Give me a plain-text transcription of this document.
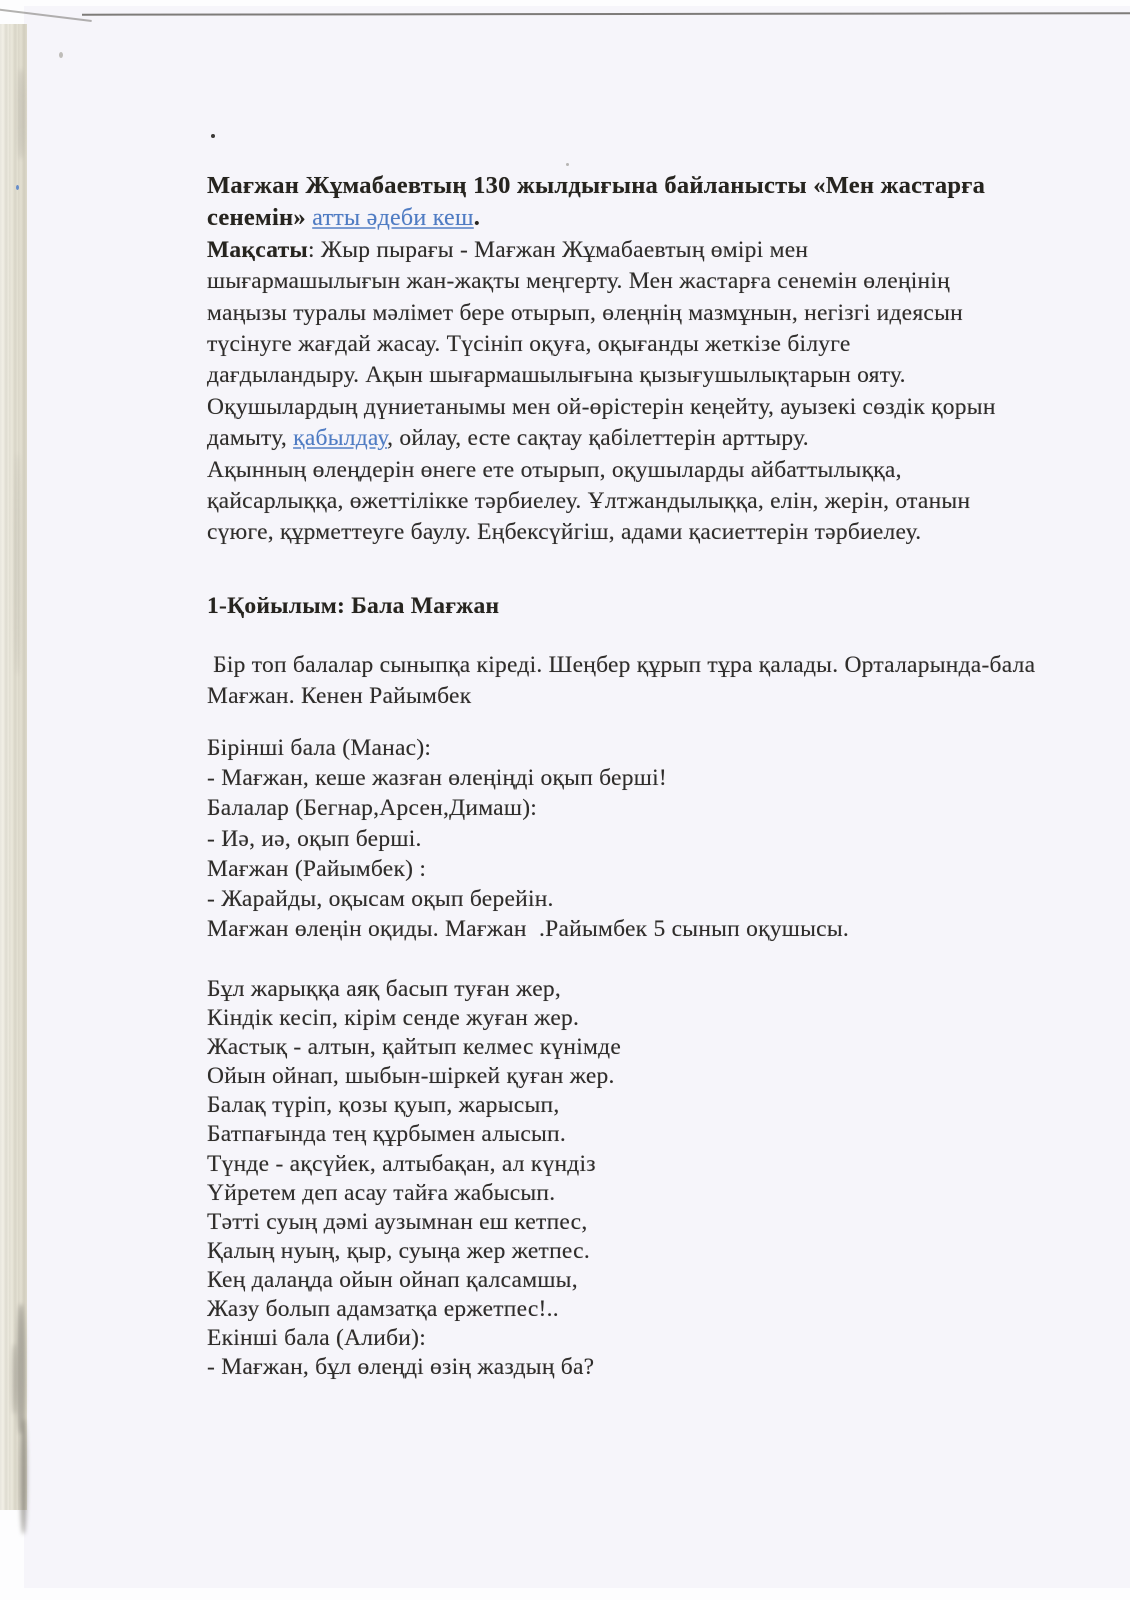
Мағжан Жұмабаевтың 130 жылдығына байланысты «Мен жастарға
сенемін» атты әдеби кеш.
Мақсаты: Жыр пырағы - Мағжан Жұмабаевтың өмірі мен
шығармашылығын жан-жақты меңгерту. Мен жастарға сенемін өлеңінің
маңызы туралы мәлімет бере отырып, өлеңнің мазмұнын, негізгі идеясын
түсінуге жағдай жасау. Түсініп оқуға, оқығанды жеткізе білуге
дағдыландыру. Ақын шығармашылығына қызығушылықтарын ояту.
Оқушылардың дүниетанымы мен ой-өрістерін кеңейту, ауызекі сөздік қорын
дамыту, қабылдау, ойлау, есте сақтау қабілеттерін арттыру.
Ақынның өлеңдерін өнеге ете отырып, оқушыларды айбаттылыққа,
қайсарлыққа, өжеттілікке тәрбиелеу. Ұлтжандылыққа, елін, жерін, отанын
сүюге, құрметтеуге баулу. Еңбексүйгіш, адами қасиеттерін тәрбиелеу.
1-Қойылым: Бала Мағжан
Бір топ балалар сыныпқа кіреді. Шеңбер құрып тұра қалады. Орталарында-бала
Мағжан. Кенен Райымбек
Бірінші бала (Манас):
- Мағжан, кеше жазған өлеңіңді оқып берші!
Балалар (Бегнар,Арсен,Димаш):
- Иә, иә, оқып берші.
Мағжан (Райымбек) :
- Жарайды, оқысам оқып берейін.
Мағжан өлеңін оқиды. Мағжан  .Райымбек 5 сынып оқушысы.
Бұл жарыққа аяқ басып туған жер,
Кіндік кесіп, кірім сенде жуған жер.
Жастық - алтын, қайтып келмес күнімде
Ойын ойнап, шыбын-шіркей қуған жер.
Балақ түріп, қозы қуып, жарысып,
Батпағында тең құрбымен алысып.
Түнде - ақсүйек, алтыбақан, ал күндіз
Үйретем деп асау тайға жабысып.
Тәтті суың дәмі аузымнан еш кетпес,
Қалың нуың, қыр, суыңа жер жетпес.
Кең далаңда ойын ойнап қалсамшы,
Жазу болып адамзатқа ержетпес!..
Екінші бала (Алиби):
- Мағжан, бұл өлеңді өзің жаздың ба?
